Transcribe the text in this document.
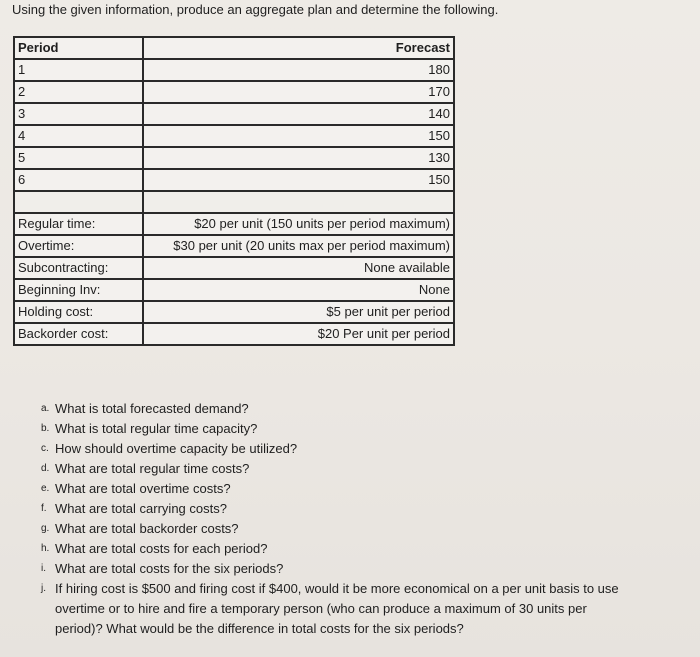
Using the given information, produce an aggregate plan and determine the following.
Period	Forecast
1	180
2	170
3	140
4	150
5	130
6	150

Regular time:	$20 per unit (150 units per period maximum)
Overtime:	$30 per unit (20 units max per period maximum)
Subcontracting:	None available
Beginning Inv:	None
Holding cost:	$5 per unit per period
Backorder cost:	$20 Per unit per period

a. What is total forecasted demand?

b. What is total regular time capacity?

c. How should overtime capacity be utilized?

d. What are total regular time costs?

e. What are total overtime costs?

f. What are total carrying costs?

g. What are total backorder costs?

h. What are total costs for each period?

i. What are total costs for the six periods?

j. If hiring cost is $500 and firing cost if $400, would it be more economical on a per unit basis to use overtime or to hire and fire a temporary person (who can produce a maximum of 30 units per period)? What would be the difference in total costs for the six periods?
